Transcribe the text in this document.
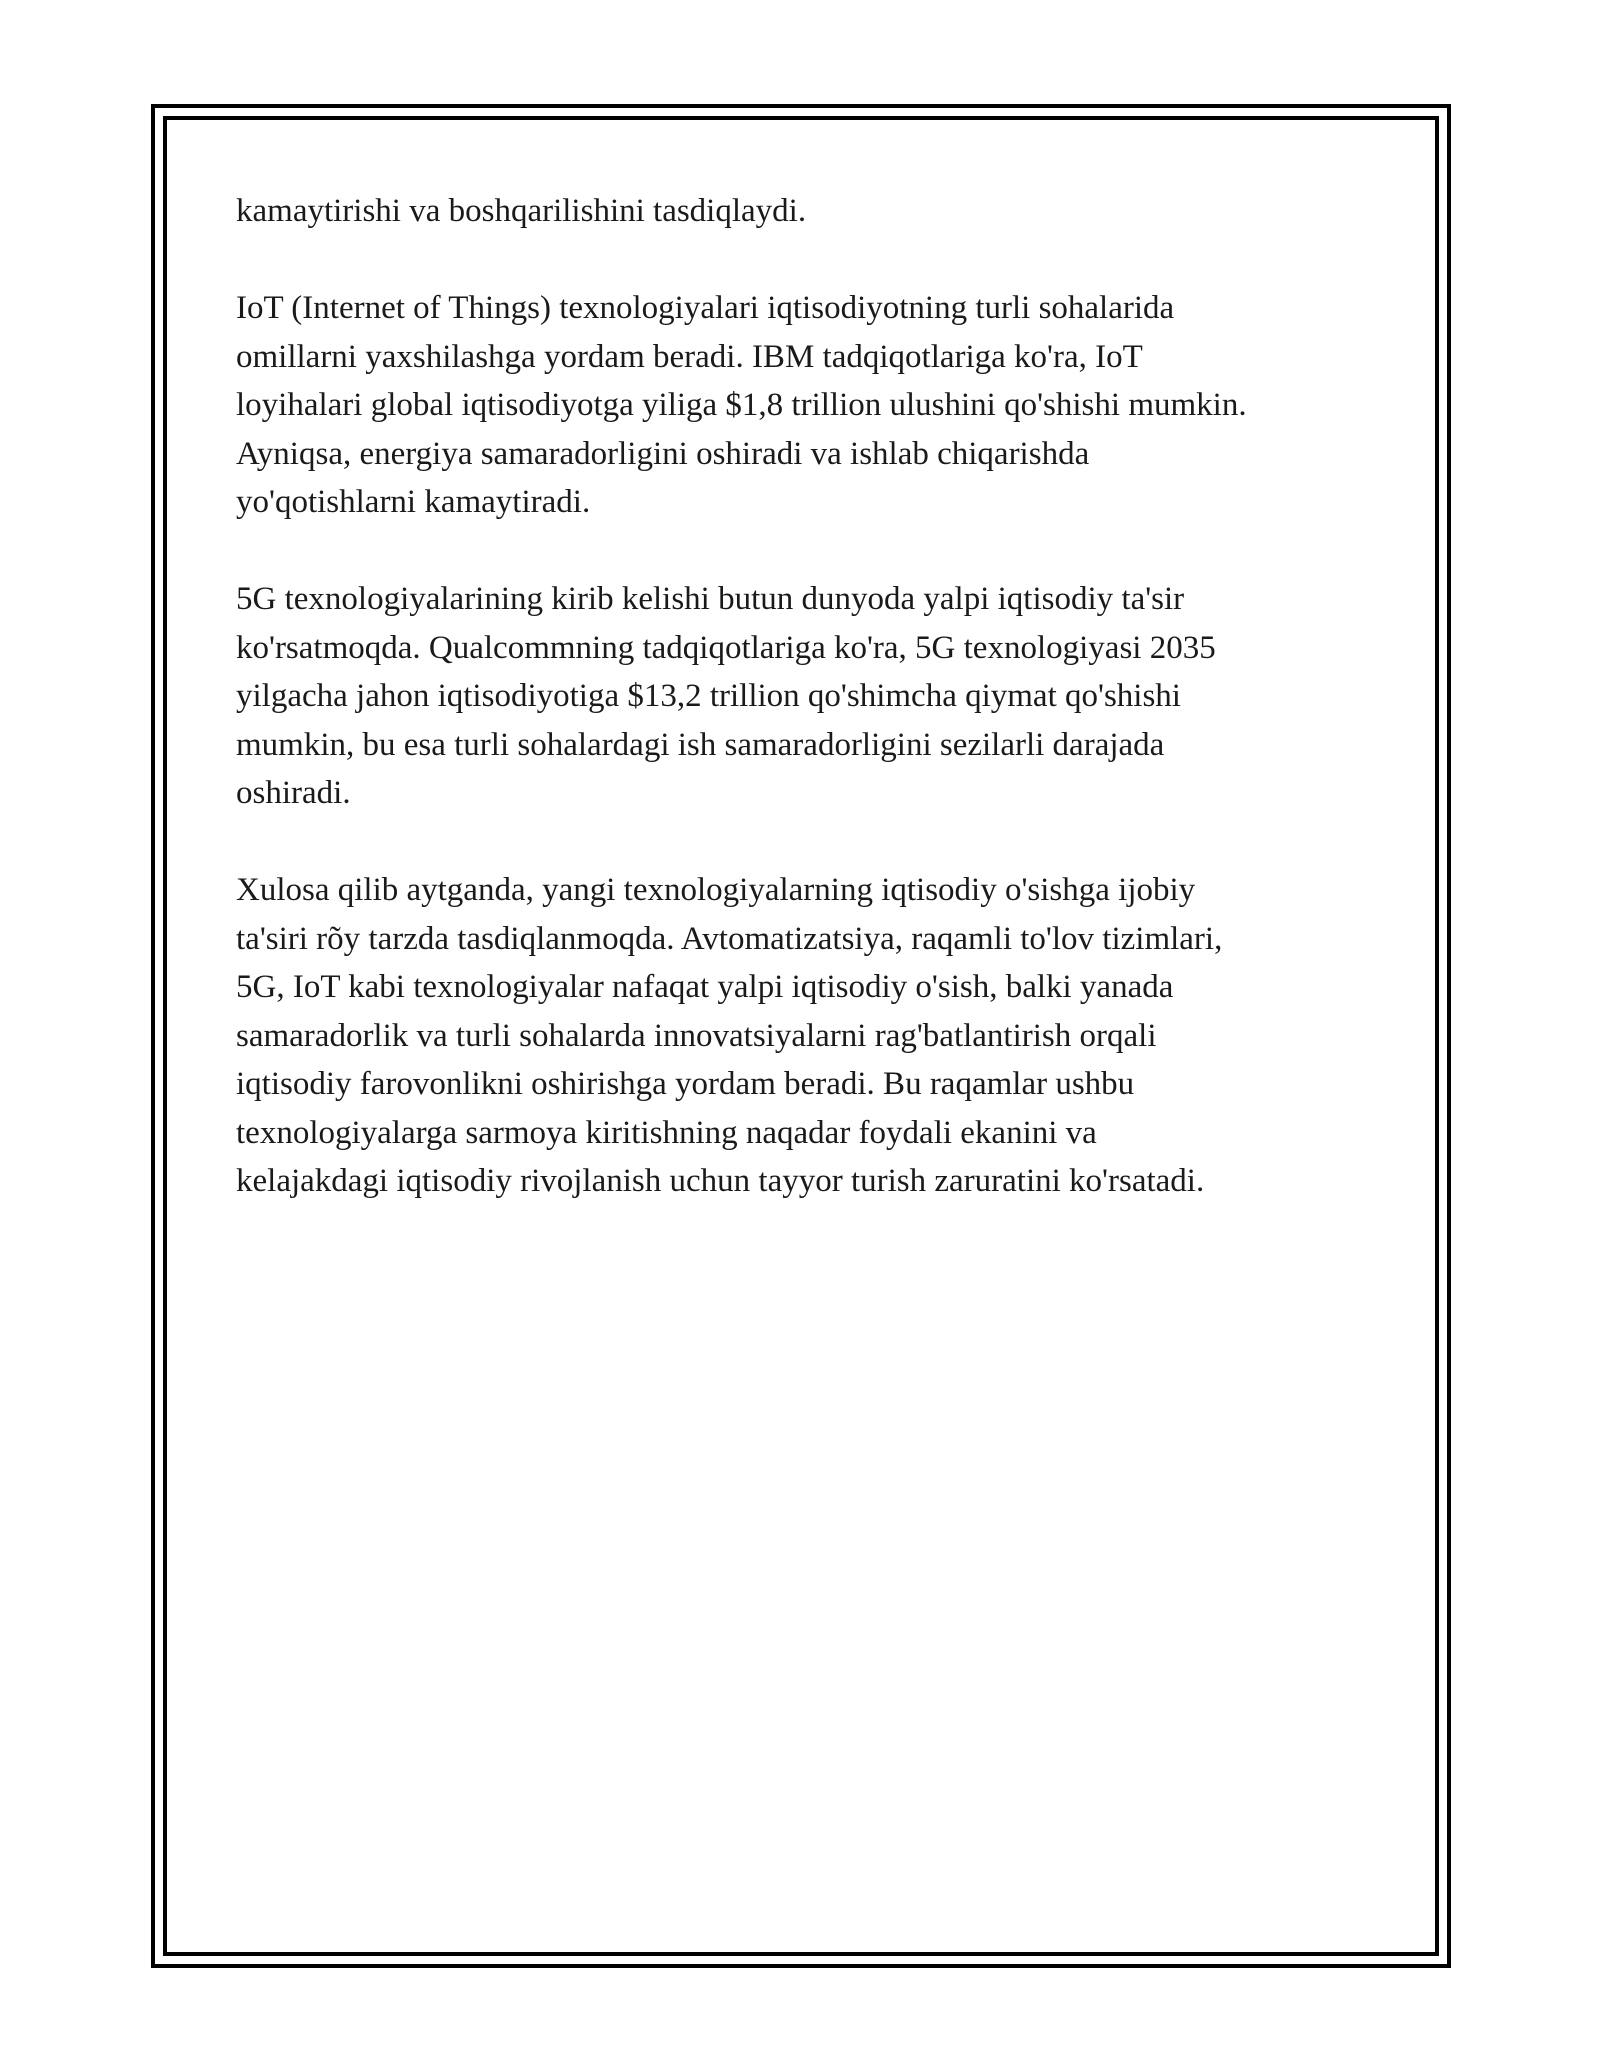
kamaytirishi va boshqarilishini tasdiqlaydi.

IoT (Internet of Things) texnologiyalari iqtisodiyotning turli sohalarida
omillarni yaxshilashga yordam beradi. IBM tadqiqotlariga ko'ra, IoT
loyihalari global iqtisodiyotga yiliga $1,8 trillion ulushini qo'shishi mumkin.
Ayniqsa, energiya samaradorligini oshiradi va ishlab chiqarishda
yo'qotishlarni kamaytiradi.

5G texnologiyalarining kirib kelishi butun dunyoda yalpi iqtisodiy ta'sir
ko'rsatmoqda. Qualcommning tadqiqotlariga ko'ra, 5G texnologiyasi 2035
yilgacha jahon iqtisodiyotiga $13,2 trillion qo'shimcha qiymat qo'shishi
mumkin, bu esa turli sohalardagi ish samaradorligini sezilarli darajada
oshiradi.

Xulosa qilib aytganda, yangi texnologiyalarning iqtisodiy o'sishga ijobiy
ta'siri rõy tarzda tasdiqlanmoqda. Avtomatizatsiya, raqamli to'lov tizimlari,
5G, IoT kabi texnologiyalar nafaqat yalpi iqtisodiy o'sish, balki yanada
samaradorlik va turli sohalarda innovatsiyalarni rag'batlantirish orqali
iqtisodiy farovonlikni oshirishga yordam beradi. Bu raqamlar ushbu
texnologiyalarga sarmoya kiritishning naqadar foydali ekanini va
kelajakdagi iqtisodiy rivojlanish uchun tayyor turish zaruratini ko'rsatadi.
